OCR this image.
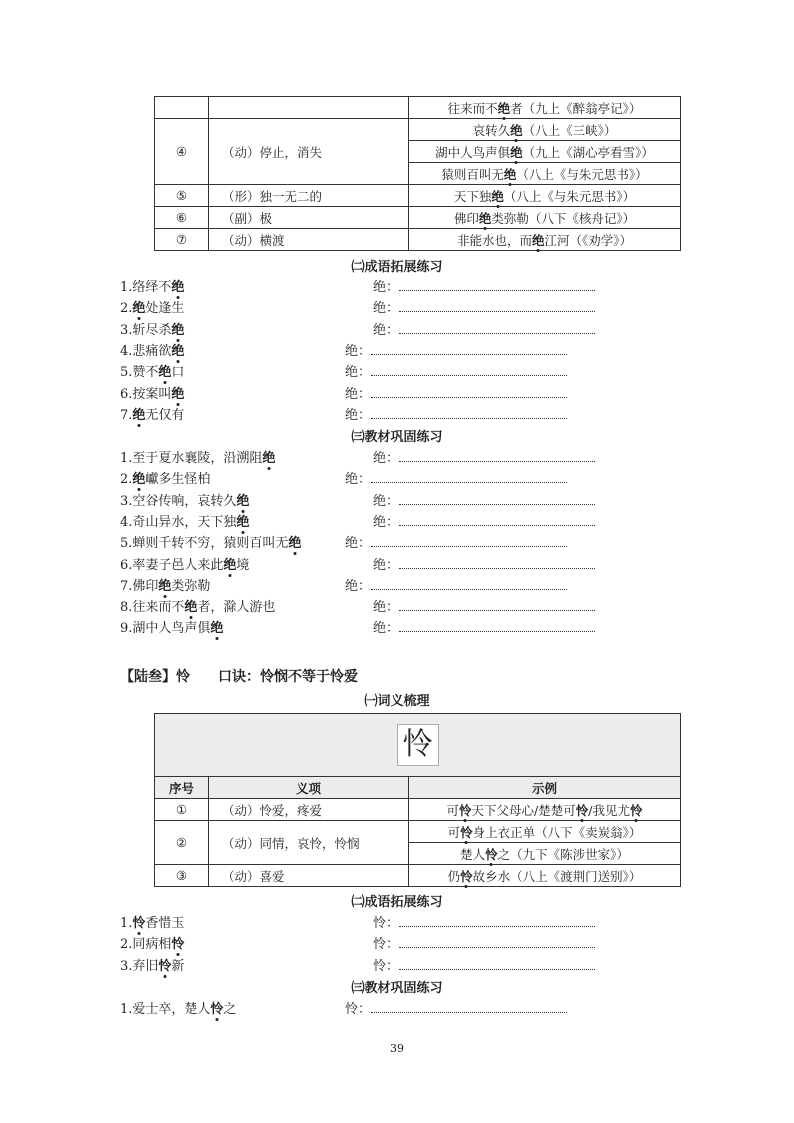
		往来而不绝者（九上《醉翁亭记》）
④	（动）停止，消失	哀转久绝（八上《三峡》）
		湖中人鸟声俱绝（九上《湖心亭看雪》）
		猿则百叫无绝（八上《与朱元思书》）
⑤	（形）独一无二的	天下独绝（八上《与朱元思书》）
⑥	（副）极	佛印绝类弥勒（八下《核舟记》）
⑦	（动）横渡	非能水也，而绝江河（《劝学》）
㈡成语拓展练习
1.络绎不绝	绝：
2.绝处逢生	绝：
3.斩尽杀绝	绝：
4.悲痛欲绝	绝：
5.赞不绝口	绝：
6.按案叫绝	绝：
7.绝无仅有	绝：
㈢教材巩固练习
1.至于夏水襄陵，沿溯阻绝	绝：
2.绝巘多生怪柏	绝：
3.空谷传响，哀转久绝	绝：
4.奇山异水，天下独绝	绝：
5.蝉则千转不穷，猿则百叫无绝	绝：
6.率妻子邑人来此绝境	绝：
7.佛印绝类弥勒	绝：
8.往来而不绝者，滁人游也	绝：
9.湖中人鸟声俱绝	绝：
【陆叁】怜　　口诀：怜悯不等于怜爱
㈠词义梳理
怜		
序号	义项	示例
①	（动）怜爱，疼爱	可怜天下父母心/楚楚可怜/我见尤怜
②	（动）同情，哀怜，怜悯	可怜身上衣正单（八下《卖炭翁》）
		楚人怜之（九下《陈涉世家》）
③	（动）喜爱	仍怜故乡水（八上《渡荆门送别》）
㈡成语拓展练习
1.怜香惜玉	怜：
2.同病相怜	怜：
3.弃旧怜新	怜：
㈢教材巩固练习
1.爱士卒，楚人怜之	怜：
39
